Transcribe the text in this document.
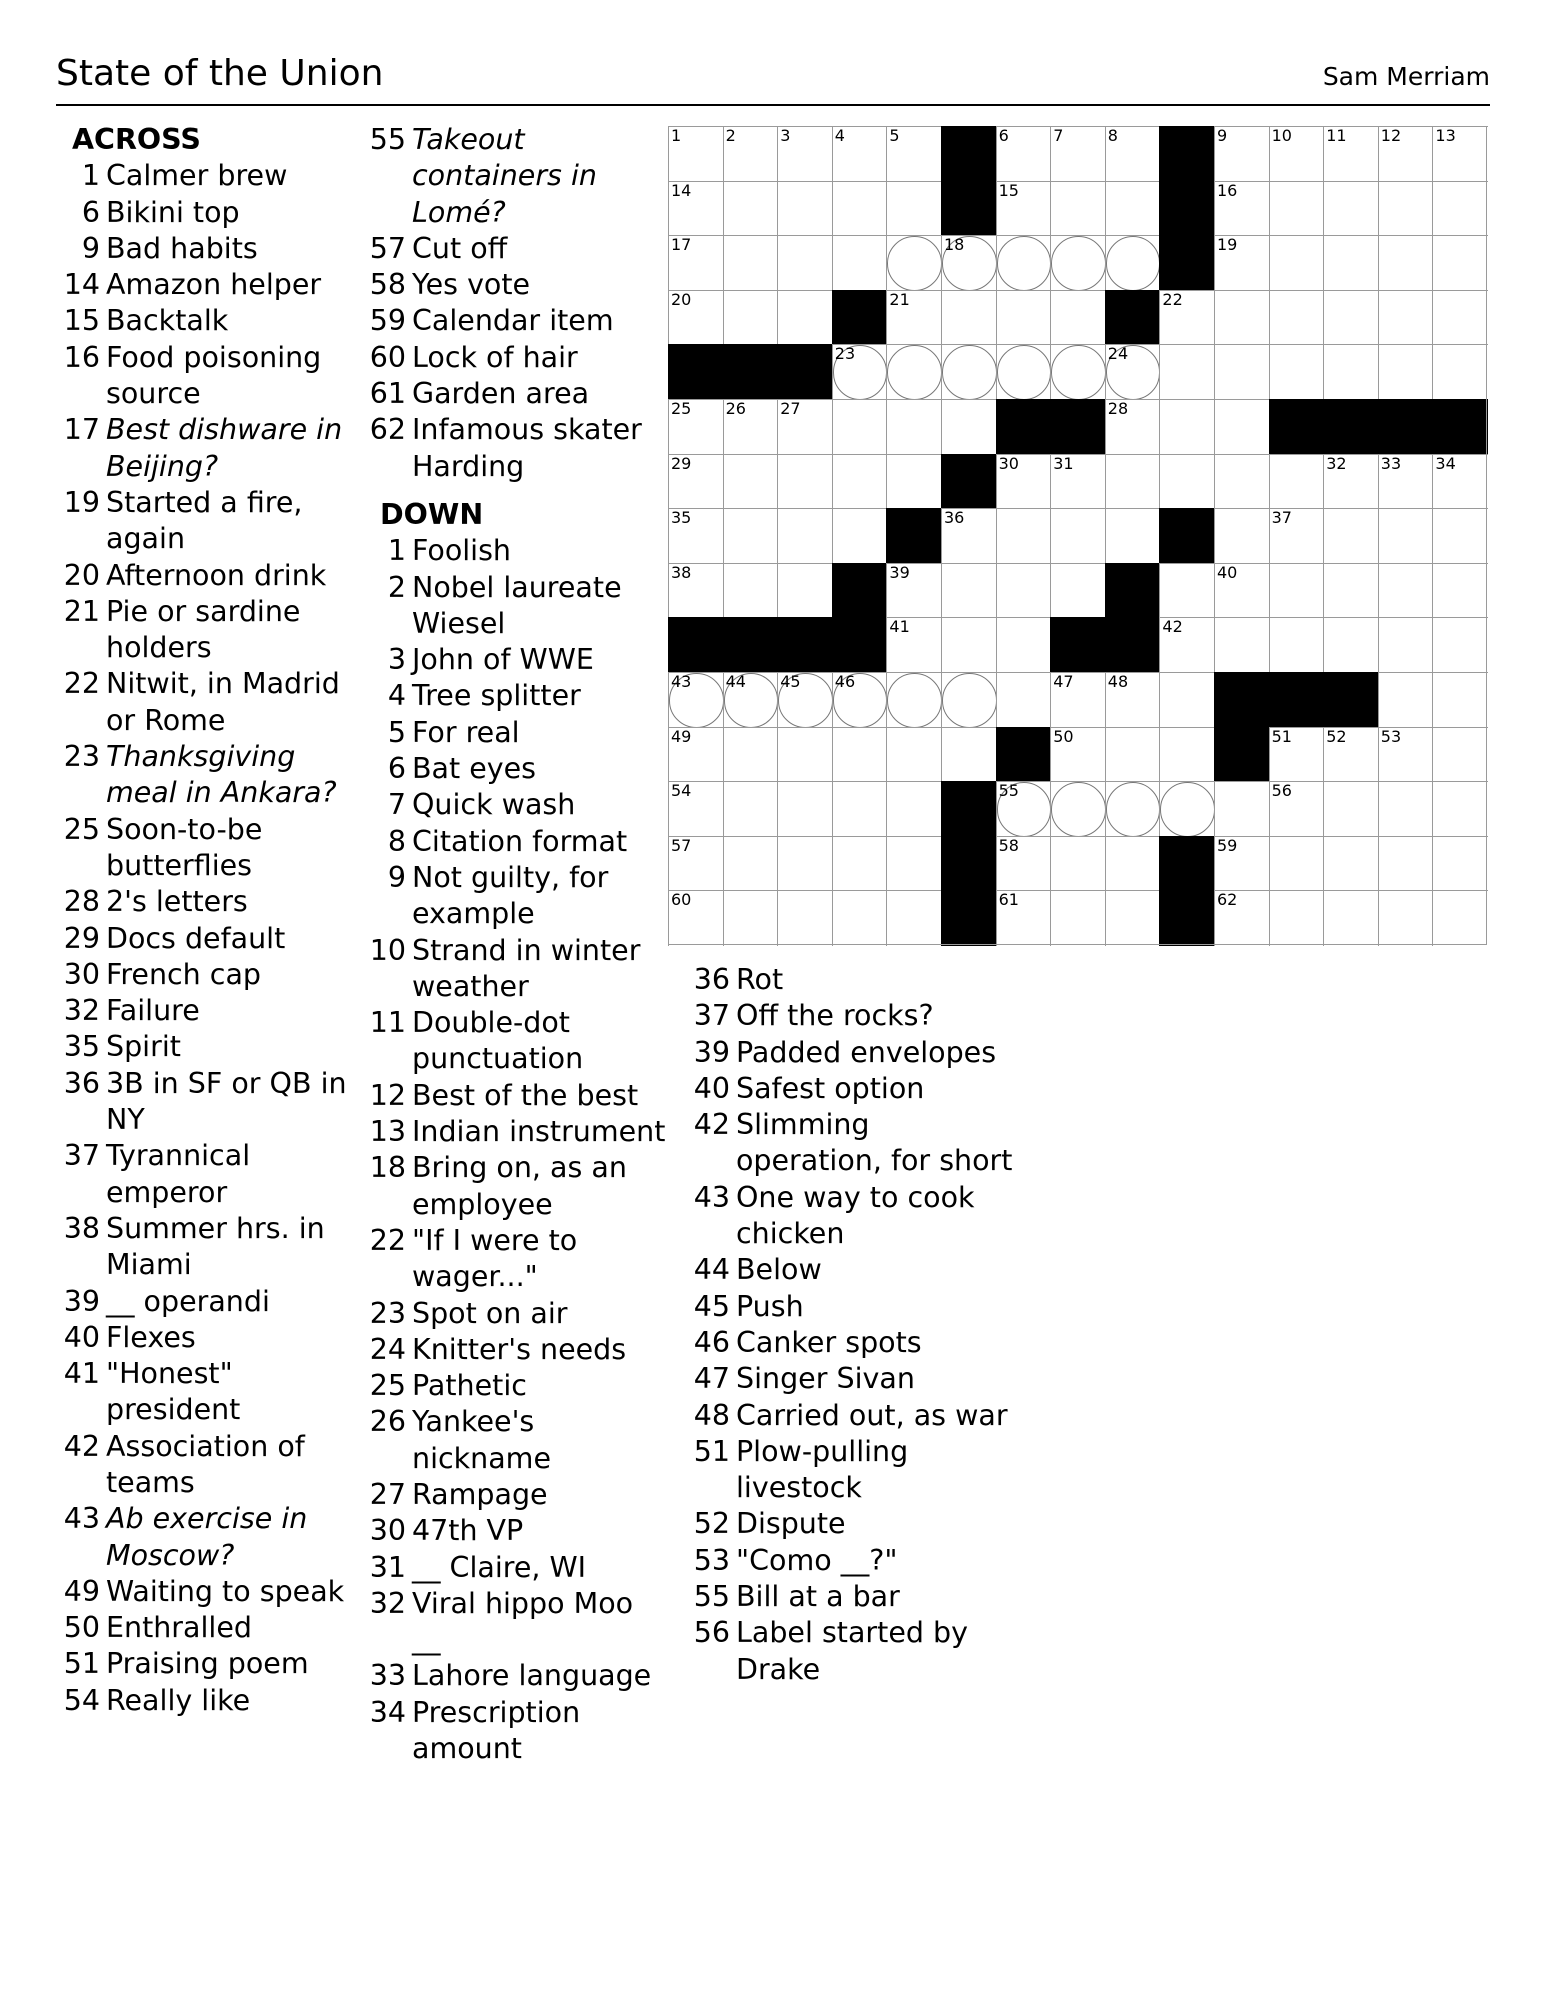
State of the Union	Sam Merriam
ACROSS
1 Calmer brew
6 Bikini top
9 Bad habits
14 Amazon helper
15 Backtalk
16 Food poisoning source
17 Best dishware in Beijing?
19 Started a fire, again
20 Afternoon drink
21 Pie or sardine holders
22 Nitwit, in Madrid or Rome
23 Thanksgiving meal in Ankara?
25 Soon-to-be butterflies
28 2's letters
29 Docs default
30 French cap
32 Failure
35 Spirit
36 3B in SF or QB in NY
37 Tyrannical emperor
38 Summer hrs. in Miami
39 __ operandi
40 Flexes
41 "Honest" president
42 Association of teams
43 Ab exercise in Moscow?
49 Waiting to speak
50 Enthralled
51 Praising poem
54 Really like
55 Takeout containers in Lomé?
57 Cut off
58 Yes vote
59 Calendar item
60 Lock of hair
61 Garden area
62 Infamous skater Harding
DOWN
1 Foolish
2 Nobel laureate Wiesel
3 John of WWE
4 Tree splitter
5 For real
6 Bat eyes
7 Quick wash
8 Citation format
9 Not guilty, for example
10 Strand in winter weather
11 Double-dot punctuation
12 Best of the best
13 Indian instrument
18 Bring on, as an employee
22 "If I were to wager..."
23 Spot on air
24 Knitter's needs
25 Pathetic
26 Yankee's nickname
27 Rampage
30 47th VP
31 __ Claire, WI
32 Viral hippo Moo __
33 Lahore language
34 Prescription amount
36 Rot
37 Off the rocks?
39 Padded envelopes
40 Safest option
42 Slimming operation, for short
43 One way to cook chicken
44 Below
45 Push
46 Canker spots
47 Singer Sivan
48 Carried out, as war
51 Plow-pulling livestock
52 Dispute
53 "Como __?"
55 Bill at a bar
56 Label started by Drake
1	2	3	4	5	6	7	8	9	10 11 12 13
14	15	16
17	18	19
20	21	22
23	24
25 26 27	28
29	30 31	32 33 34
35	36	37
38	39	40
41	42
43 44 45 46	47 48
49	50	51 52 53
54	55	56
57	58	59
60	61	62
